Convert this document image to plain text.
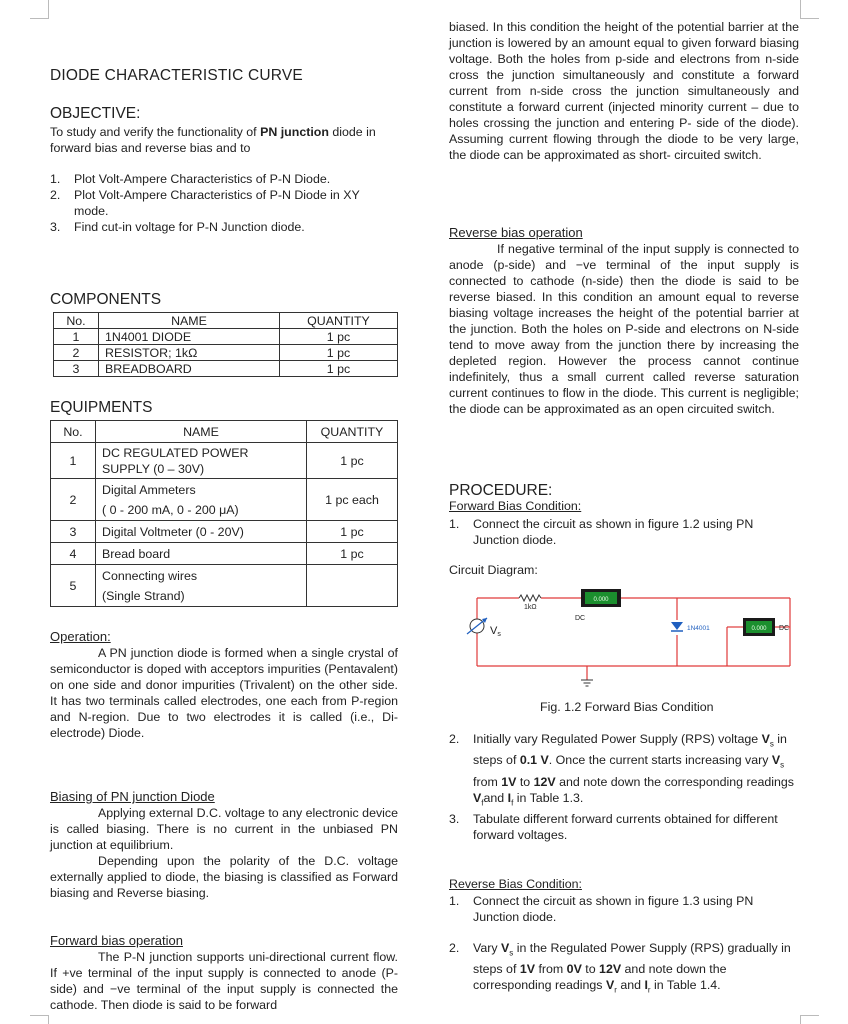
DIODE CHARACTERISTIC CURVE
OBJECTIVE:

To study and verify the functionality of PN junction diode in forward bias and reverse bias and to

1. Plot Volt-Ampere Characteristics of P-N Diode.
2. Plot Volt-Ampere Characteristics of P-N Diode in XY mode.
3. Find cut-in voltage for P-N Junction diode.
COMPONENTS
No.	NAME	QUANTITY
1	1N4001 DIODE	1 pc
2	RESISTOR; 1kΩ	1 pc
3	BREADBOARD	1 pc
EQUIPMENTS
No.	NAME	QUANTITY
1	DC REGULATED POWER
SUPPLY (0 – 30V)	1 pc
2	Digital Ammeters
( 0 - 200 mA, 0 - 200 μA)	1 pc each
3	Digital Voltmeter (0 - 20V)	1 pc
4	Bread board	1 pc
5	Connecting wires
(Single Strand)	

Operation:

A PN junction diode is formed when a single crystal of semiconductor is doped with acceptors impurities (Pentavalent) on one side and donor impurities (Trivalent) on the other side. It has two terminals called electrodes, one each from P-region and N-region. Due to two electrodes it is called (i.e., Di-electrode) Diode.

Biasing of PN junction Diode

Applying external D.C. voltage to any electronic device is called biasing. There is no current in the unbiased PN junction at equilibrium.

Depending upon the polarity of the D.C. voltage externally applied to diode, the biasing is classified as Forward biasing and Reverse biasing.

Forward bias operation

The P-N junction supports uni-directional current flow. If +ve terminal of the input supply is connected to anode (P-side) and −ve terminal of the input supply is connected the cathode. Then diode is said to be forward

biased. In this condition the height of the potential barrier at the junction is lowered by an amount equal to given forward biasing voltage. Both the holes from p-side and electrons from n-side cross the junction simultaneously and constitute a forward current from n-side cross the junction simultaneously and constitute a forward current (injected minority current – due to holes crossing the junction and entering P- side of the diode). Assuming current flowing through the diode to be very large, the diode can be approximated as short- circuited switch.

Reverse bias operation

If negative terminal of the input supply is connected to anode (p-side) and −ve terminal of the input supply is connected to cathode (n-side) then the diode is said to be reverse biased. In this condition an amount equal to reverse biasing voltage increases the height of the potential barrier at the junction. Both the holes on P-side and electrons on N-side tend to move away from the junction there by increasing the depleted region. However the process cannot continue indefinitely, thus a small current called reverse saturation current continues to flow in the diode. This current is negligible; the diode can be approximated as an open circuited switch.

PROCEDURE:

Forward Bias Condition:

1. Connect the circuit as shown in figure 1.2 using PN Junction diode.

Circuit Diagram:

1kΩ
0.000
DC
Vs
1N4001	0.000 DC

Fig. 1.2 Forward Bias Condition

2. Initially vary Regulated Power Supply (RPS) voltage $V_s$ in steps of 0.1 V. Once the current starts increasing vary $V_s$ from 1V to 12V and note down the corresponding readings $V_fand$ $I_f$ in Table 1.3.
3. Tabulate different forward currents obtained for different forward voltages.

Reverse Bias Condition:

1. Connect the circuit as shown in figure 1.3 using PN Junction diode.
2. Vary $V_s$ in the Regulated Power Supply (RPS) gradually in steps of 1V from 0V to 12V and note down the corresponding readings $V_r$ and $I_r$ in Table 1.4.
